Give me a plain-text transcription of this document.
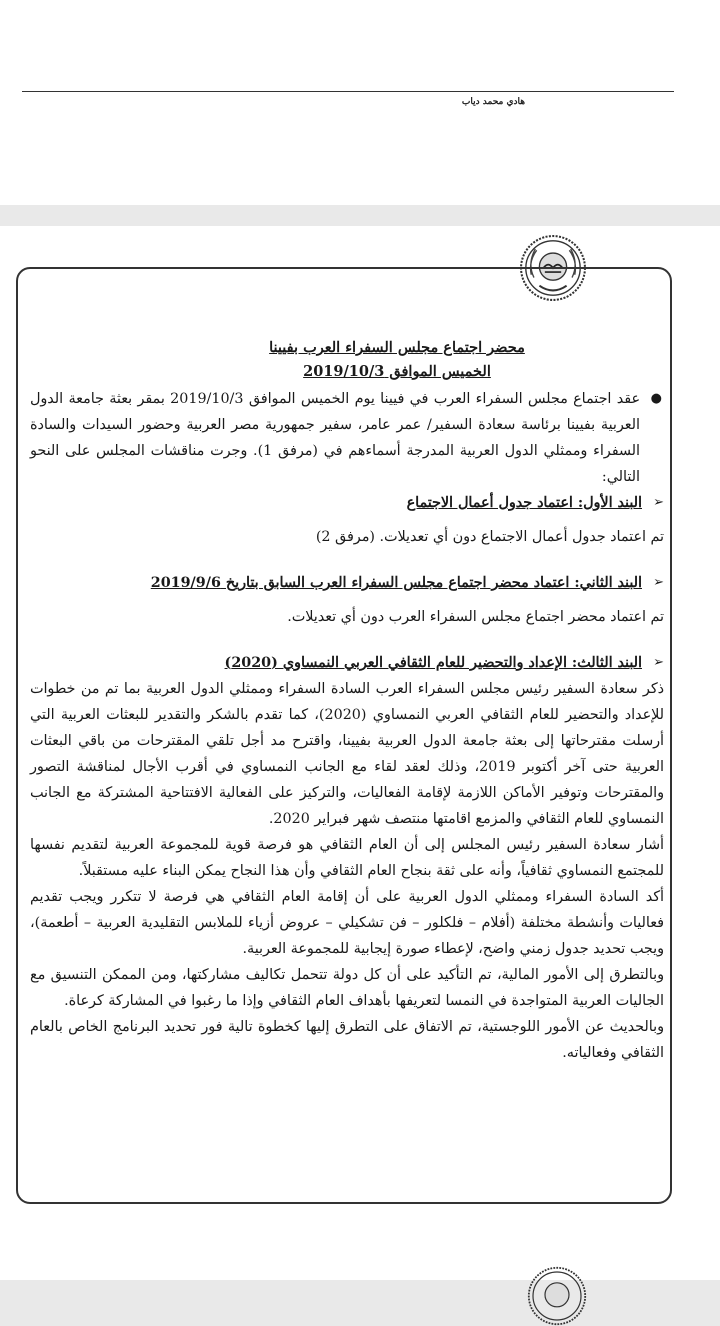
هادي محمد دياب
محضر اجتماع مجلس السفراء العرب بفيينا
الخميس الموافق 2019/10/3
●

عقد اجتماع مجلس السفراء العرب في فيينا يوم الخميس الموافق 2019/10/3 بمقر بعثة جامعة الدول العربية بفيينا برئاسة سعادة السفير/ عمر عامر، سفير جمهورية مصر العربية وحضور السيدات والسادة السفراء وممثلي الدول العربية المدرجة أسماءهم في (مرفق 1). وجرت مناقشات المجلس على النحو التالي:

➢
البند الأول: اعتماد جدول أعمال الاجتماع

تم اعتماد جدول أعمال الاجتماع دون أي تعديلات. (مرفق 2)

➢
البند الثاني: اعتماد محضر اجتماع مجلس السفراء العرب السابق بتاريخ 2019/9/6

تم اعتماد محضر اجتماع مجلس السفراء العرب دون أي تعديلات.

➢
البند الثالث: الإعداد والتحضير للعام الثقافي العربي النمساوي (2020)

ذكر سعادة السفير رئيس مجلس السفراء العرب السادة السفراء وممثلي الدول العربية بما تم من خطوات للإعداد والتحضير للعام الثقافي العربي النمساوي (2020)، كما تقدم بالشكر والتقدير للبعثات العربية التي أرسلت مقترحاتها إلى بعثة جامعة الدول العربية بفيينا، واقترح مد أجل تلقي المقترحات من باقي البعثات العربية حتى آخر أكتوبر 2019، وذلك لعقد لقاء مع الجانب النمساوي في أقرب الأجال لمناقشة التصور والمقترحات وتوفير الأماكن اللازمة لإقامة الفعاليات، والتركيز على الفعالية الافتتاحية المشتركة مع الجانب النمساوي للعام الثقافي والمزمع اقامتها منتصف شهر فبراير 2020.

أشار سعادة السفير رئيس المجلس إلى أن العام الثقافي هو فرصة قوية للمجموعة العربية لتقديم نفسها للمجتمع النمساوي ثقافياً، وأنه على ثقة بنجاح العام الثقافي وأن هذا النجاح يمكن البناء عليه مستقبلاً.

أكد السادة السفراء وممثلي الدول العربية على أن إقامة العام الثقافي هي فرصة لا تتكرر ويجب تقديم فعاليات وأنشطة مختلفة (أفلام – فلكلور – فن تشكيلي – عروض أزياء للملابس التقليدية العربية – أطعمة)، ويجب تحديد جدول زمني واضح، لإعطاء صورة إيجابية للمجموعة العربية.

وبالتطرق إلى الأمور المالية، تم التأكيد على أن كل دولة تتحمل تكاليف مشاركتها، ومن الممكن التنسيق مع الجاليات العربية المتواجدة في النمسا لتعريفها بأهداف العام الثقافي وإذا ما رغبوا في المشاركة كرعاة.

وبالحديث عن الأمور اللوجستية، تم الاتفاق على التطرق إليها كخطوة تالية فور تحديد البرنامج الخاص بالعام الثقافي وفعالياته.
